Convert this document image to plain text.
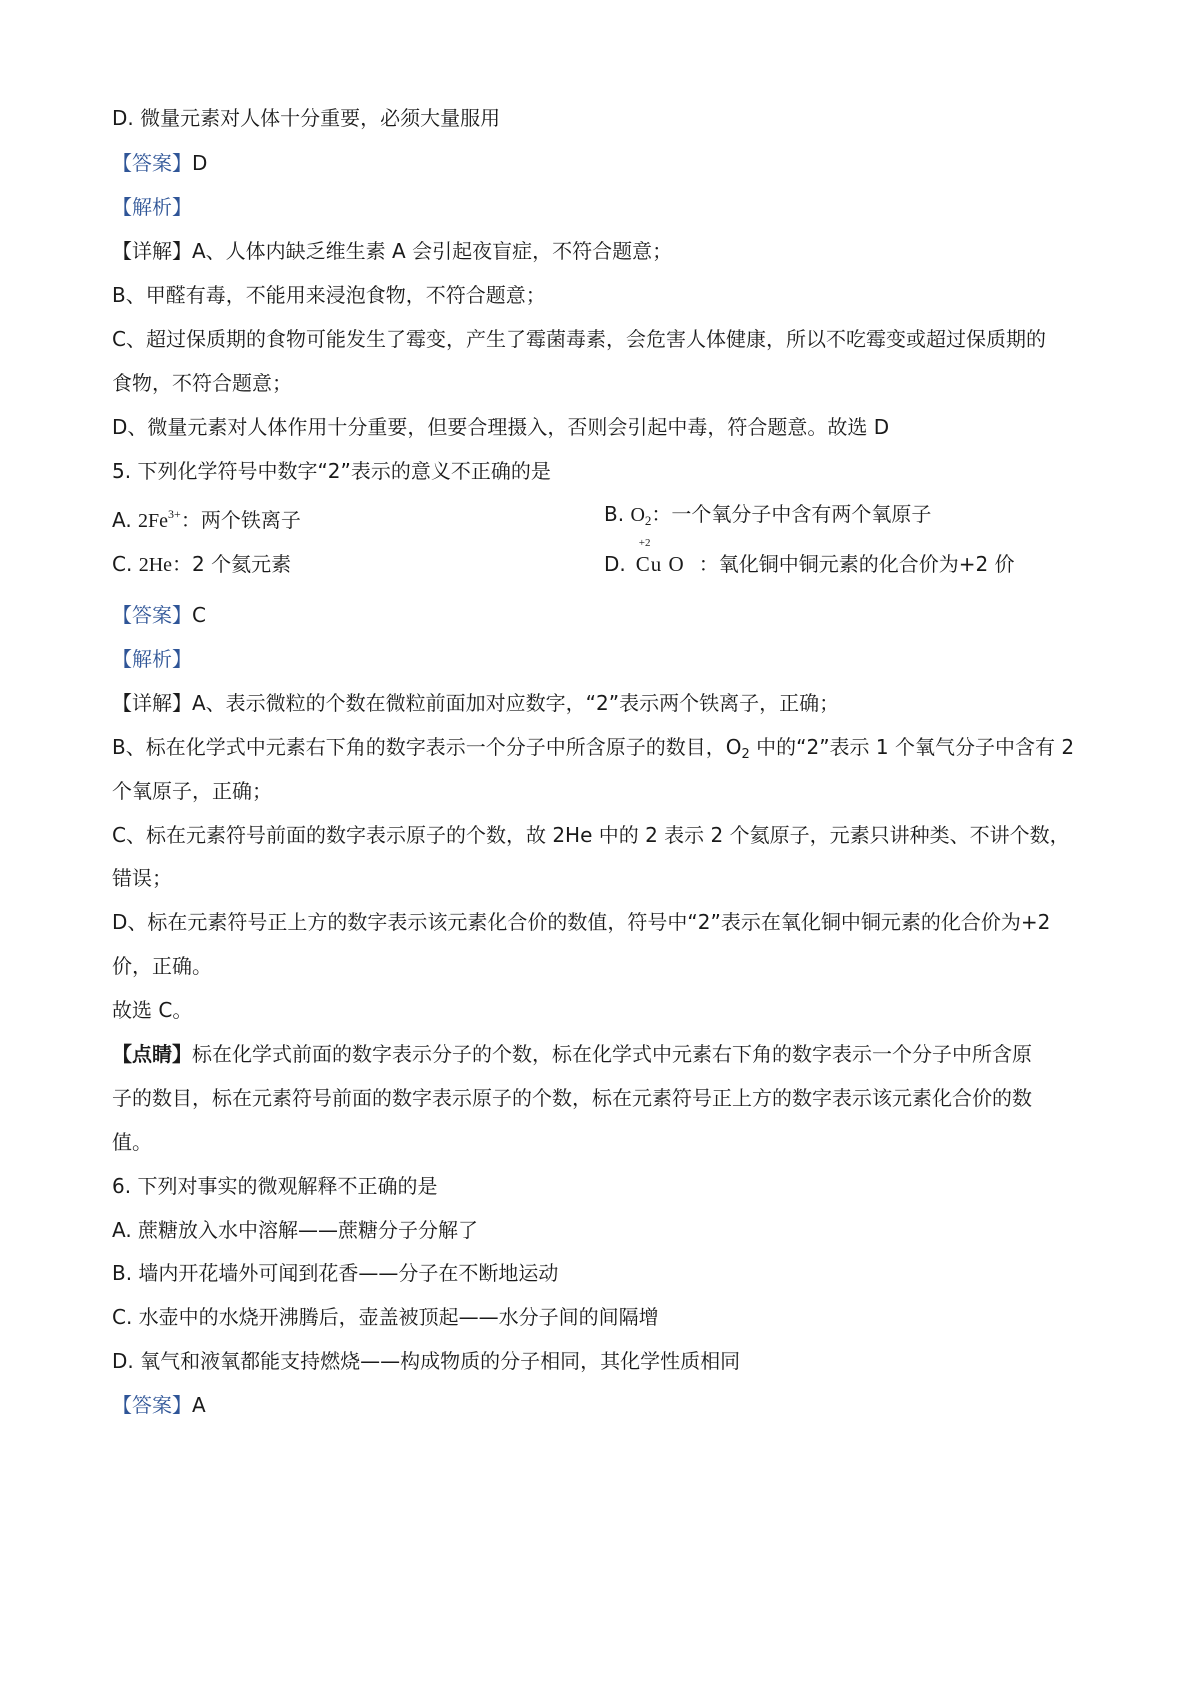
D. 微量元素对人体十分重要，必须大量服用
【答案】D
【解析】
【详解】A、人体内缺乏维生素 A 会引起夜盲症，不符合题意；
B、甲醛有毒，不能用来浸泡食物，不符合题意；
C、超过保质期的食物可能发生了霉变，产生了霉菌毒素，会危害人体健康，所以不吃霉变或超过保质期的
食物，不符合题意；
D、微量元素对人体作用十分重要，但要合理摄入，否则会引起中毒，符合题意。故选 D
5. 下列化学符号中数字“2”表示的意义不正确的是
A. $2Fe^{3+}$：两个铁离子	B. $O_2$：一个氧分子中含有两个氧原子
C. 2He：2 个氦元素	D.
+2
Cu O ：氧化铜中铜元素的化合价为+2 价
【答案】C
【解析】
【详解】A、表示微粒的个数在微粒前面加对应数字，“2”表示两个铁离子，正确；
B、标在化学式中元素右下角的数字表示一个分子中所含原子的数目，$O_2$ 中的“2”表示 1 个氧气分子中含有 2
个氧原子，正确；
C、标在元素符号前面的数字表示原子的个数，故 2He 中的 2 表示 2 个氦原子，元素只讲种类、不讲个数，
错误；
D、标在元素符号正上方的数字表示该元素化合价的数值，符号中“2”表示在氧化铜中铜元素的化合价为+2
价，正确。
故选 C。
【点睛】标在化学式前面的数字表示分子的个数，标在化学式中元素右下角的数字表示一个分子中所含原
子的数目，标在元素符号前面的数字表示原子的个数，标在元素符号正上方的数字表示该元素化合价的数
值。
6. 下列对事实的微观解释不正确的是
A. 蔗糖放入水中溶解——蔗糖分子分解了
B. 墙内开花墙外可闻到花香——分子在不断地运动
C. 水壶中的水烧开沸腾后，壶盖被顶起——水分子间的间隔增
D. 氧气和液氧都能支持燃烧——构成物质的分子相同，其化学性质相同
【答案】A
